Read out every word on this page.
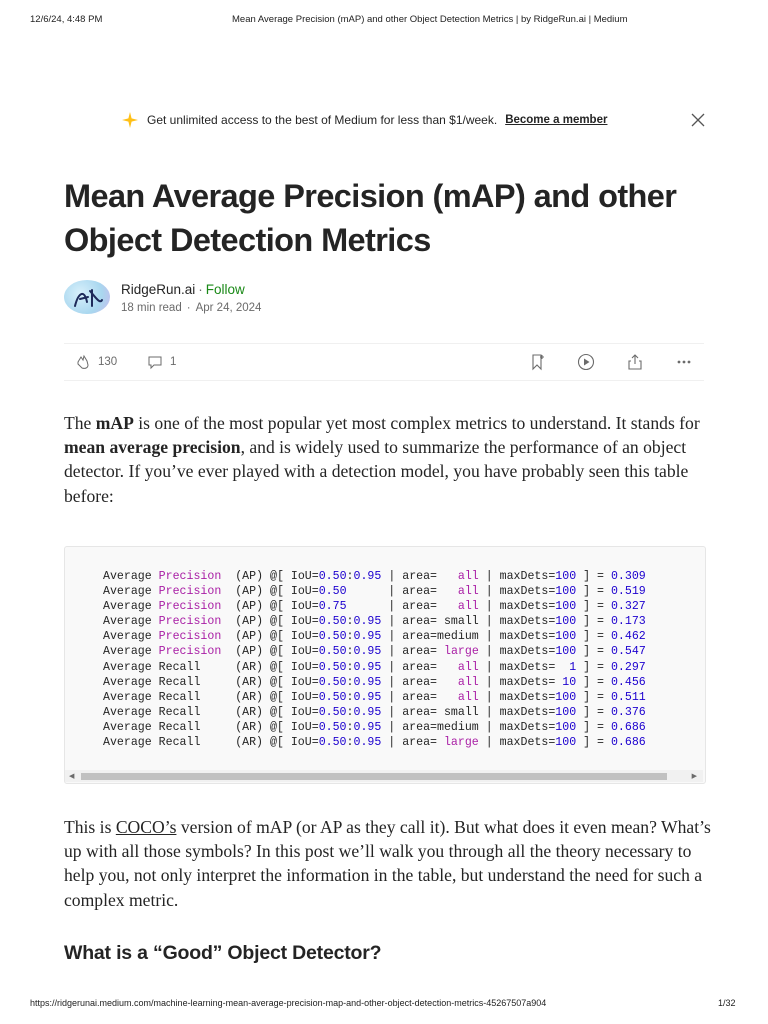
12/6/24, 4:48 PM	Mean Average Precision (mAP) and other Object Detection Metrics | by RidgeRun.ai | Medium
Get unlimited access to the best of Medium for less than $1/week. Become a member
Mean Average Precision (mAP) and other Object Detection Metrics
RidgeRun.ai · Follow
18 min read · Apr 24, 2024
130	1

The mAP is one of the most popular yet most complex metrics to understand. It stands for mean average precision, and is widely used to summarize the performance of an object detector. If you’ve ever played with a detection model, you have probably seen this table before:

Average Precision  (AP) @[ IoU=0.50:0.95 | area=   all | maxDets=100 ] = 0.309
Average Precision  (AP) @[ IoU=0.50      | area=   all | maxDets=100 ] = 0.519
Average Precision  (AP) @[ IoU=0.75      | area=   all | maxDets=100 ] = 0.327
Average Precision  (AP) @[ IoU=0.50:0.95 | area= small | maxDets=100 ] = 0.173
Average Precision  (AP) @[ IoU=0.50:0.95 | area=medium | maxDets=100 ] = 0.462
Average Precision  (AP) @[ IoU=0.50:0.95 | area= large | maxDets=100 ] = 0.547
Average Recall     (AR) @[ IoU=0.50:0.95 | area=   all | maxDets=  1 ] = 0.297
Average Recall     (AR) @[ IoU=0.50:0.95 | area=   all | maxDets= 10 ] = 0.456
Average Recall     (AR) @[ IoU=0.50:0.95 | area=   all | maxDets=100 ] = 0.511
Average Recall     (AR) @[ IoU=0.50:0.95 | area= small | maxDets=100 ] = 0.376
Average Recall     (AR) @[ IoU=0.50:0.95 | area=medium | maxDets=100 ] = 0.686
Average Recall     (AR) @[ IoU=0.50:0.95 | area= large | maxDets=100 ] = 0.686
◀	▶

This is COCO’s version of mAP (or AP as they call it). But what does it even mean? What’s up with all those symbols? In this post we’ll walk you through all the theory necessary to help you, not only interpret the information in the table, but understand the need for such a complex metric.

What is a “Good” Object Detector?
https://ridgerunai.medium.com/machine-learning-mean-average-precision-map-and-other-object-detection-metrics-45267507a904	1/32
